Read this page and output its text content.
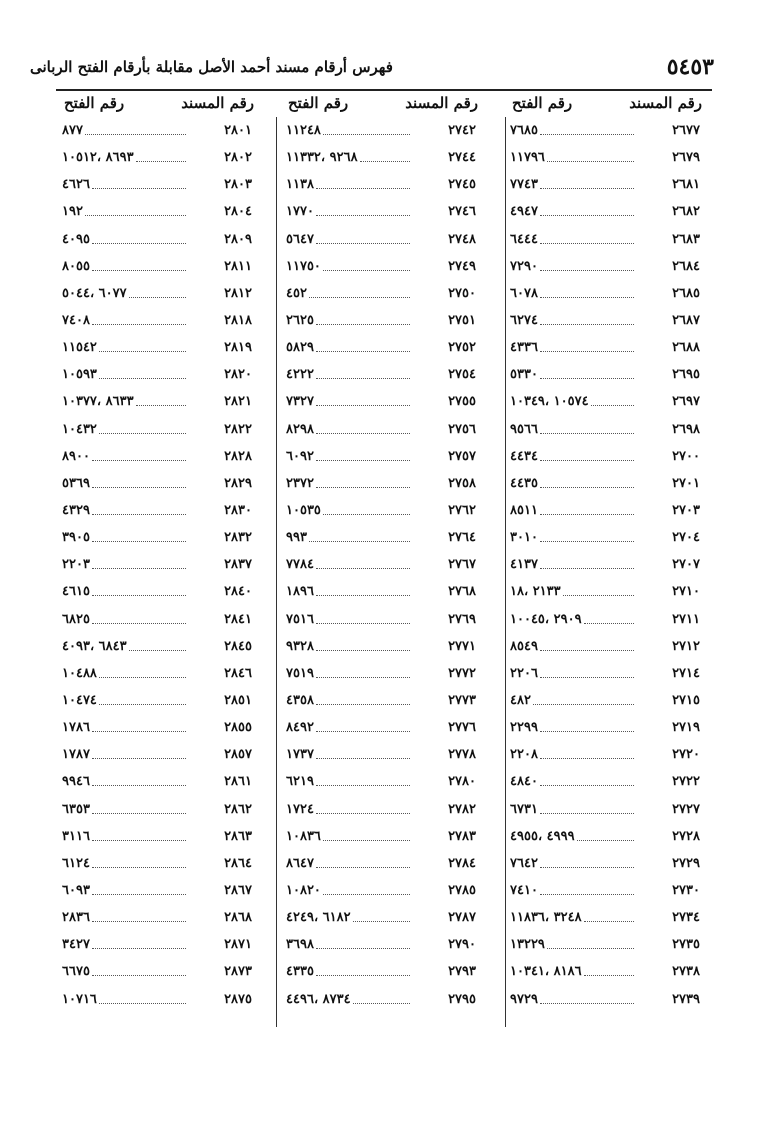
٥٤٥٣
فهرس أرقام مسند أحمد الأصل مقابلة بأرقام الفتح الربانى
رقم المسند
رقم الفتح
رقم المسند
رقم الفتح
رقم المسند
رقم الفتح
٢٦٧٧
٧٦٨٥
٢٦٧٩
١١٧٩٦
٢٦٨١
٧٧٤٣
٢٦٨٢
٤٩٤٧
٢٦٨٣
٦٤٤٤
٢٦٨٤
٧٢٩٠
٢٦٨٥
٦٠٧٨
٢٦٨٧
٦٢٧٤
٢٦٨٨
٤٣٣٦
٢٦٩٥
٥٣٣٠
٢٦٩٧
١٠٥٧٤ ،١٠٣٤٩
٢٦٩٨
٩٥٦٦
٢٧٠٠
٤٤٣٤
٢٧٠١
٤٤٣٥
٢٧٠٣
٨٥١١
٢٧٠٤
٣٠١٠
٢٧٠٧
٤١٣٧
٢٧١٠
٢١٣٣ ،١٨
٢٧١١
٢٩٠٩ ،١٠٠٤٥
٢٧١٢
٨٥٤٩
٢٧١٤
٢٢٠٦
٢٧١٥
٤٨٢
٢٧١٩
٢٢٩٩
٢٧٢٠
٢٢٠٨
٢٧٢٢
٤٨٤٠
٢٧٢٧
٦٧٣١
٢٧٢٨
٤٩٩٩ ،٤٩٥٥
٢٧٢٩
٧٦٤٢
٢٧٣٠
٧٤١٠
٢٧٣٤
٣٢٤٨ ،١١٨٣٦
٢٧٣٥
١٣٢٢٩
٢٧٣٨
٨١٨٦ ،١٠٣٤١
٢٧٣٩
٩٧٢٩
٢٧٤٢
١١٢٤٨
٢٧٤٤
٩٢٦٨ ،١١٣٣٢
٢٧٤٥
١١٣٨
٢٧٤٦
١٧٧٠
٢٧٤٨
٥٦٤٧
٢٧٤٩
١١٧٥٠
٢٧٥٠
٤٥٢
٢٧٥١
٢٦٢٥
٢٧٥٢
٥٨٢٩
٢٧٥٤
٤٢٢٢
٢٧٥٥
٧٣٢٧
٢٧٥٦
٨٢٩٨
٢٧٥٧
٦٠٩٢
٢٧٥٨
٢٣٧٢
٢٧٦٢
١٠٥٣٥
٢٧٦٤
٩٩٣
٢٧٦٧
٧٧٨٤
٢٧٦٨
١٨٩٦
٢٧٦٩
٧٥١٦
٢٧٧١
٩٣٢٨
٢٧٧٢
٧٥١٩
٢٧٧٣
٤٣٥٨
٢٧٧٦
٨٤٩٢
٢٧٧٨
١٧٣٧
٢٧٨٠
٦٢١٩
٢٧٨٢
١٧٢٤
٢٧٨٣
١٠٨٣٦
٢٧٨٤
٨٦٤٧
٢٧٨٥
١٠٨٢٠
٢٧٨٧
٦١٨٢ ،٤٢٤٩
٢٧٩٠
٣٦٩٨
٢٧٩٣
٤٣٣٥
٢٧٩٥
٨٧٣٤ ،٤٤٩٦
٢٨٠١
٨٧٧
٢٨٠٢
٨٦٩٣ ،١٠٥١٢
٢٨٠٣
٤٦٢٦
٢٨٠٤
١٩٢
٢٨٠٩
٤٠٩٥
٢٨١١
٨٠٥٥
٢٨١٢
٦٠٧٧ ،٥٠٤٤
٢٨١٨
٧٤٠٨
٢٨١٩
١١٥٤٢
٢٨٢٠
١٠٥٩٣
٢٨٢١
٨٦٣٣ ،١٠٣٧٧
٢٨٢٢
١٠٤٣٢
٢٨٢٨
٨٩٠٠
٢٨٢٩
٥٣٦٩
٢٨٣٠
٤٣٢٩
٢٨٣٢
٣٩٠٥
٢٨٣٧
٢٢٠٣
٢٨٤٠
٤٦١٥
٢٨٤١
٦٨٢٥
٢٨٤٥
٦٨٤٣ ،٤٠٩٣
٢٨٤٦
١٠٤٨٨
٢٨٥١
١٠٤٧٤
٢٨٥٥
١٧٨٦
٢٨٥٧
١٧٨٧
٢٨٦١
٩٩٤٦
٢٨٦٢
٦٣٥٣
٢٨٦٣
٣١١٦
٢٨٦٤
٦١٢٤
٢٨٦٧
٦٠٩٣
٢٨٦٨
٢٨٣٦
٢٨٧١
٣٤٢٧
٢٨٧٣
٦٦٧٥
٢٨٧٥
١٠٧١٦
